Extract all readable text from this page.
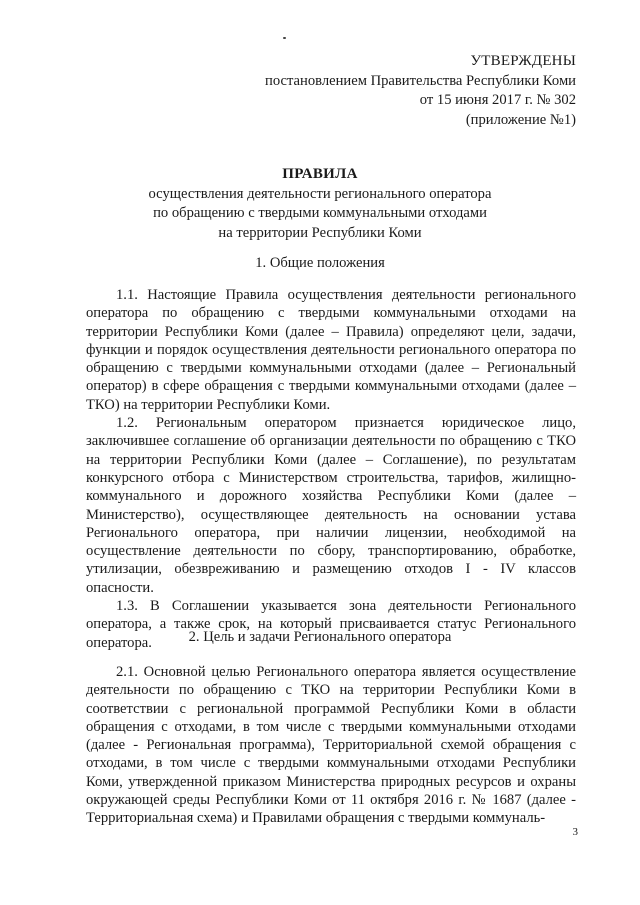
УТВЕРЖДЕНЫ
постановлением Правительства Республики Коми
от 15 июня 2017 г. № 302
(приложение №1)
ПРАВИЛА
осуществления деятельности регионального оператора
по обращению с твердыми коммунальными отходами
на территории Республики Коми
1. Общие положения

1.1. Настоящие Правила осуществления деятельности регионального оператора по обращению с твердыми коммунальными отходами на территории Республики Коми (далее – Правила) определяют цели, задачи, функции и порядок осуществления деятельности регионального оператора по обращению с твердыми коммунальными отходами (далее – Региональный оператор) в сфере обращения с твердыми коммунальными отходами (далее – ТКО) на территории Республики Коми.

1.2. Региональным оператором признается юридическое лицо, заключившее соглашение об организации деятельности по обращению с ТКО на территории Республики Коми (далее – Соглашение), по результатам конкурсного отбора с Министерством строительства, тарифов, жилищно-коммунального и дорожного хозяйства Республики Коми (далее – Министерство), осуществляющее деятельность на основании устава Регионального оператора, при наличии лицензии, необходимой на осуществление деятельности по сбору, транспортированию, обработке, утилизации, обезвреживанию и размещению отходов I - IV классов опасности.

1.3. В Соглашении указывается зона деятельности Регионального оператора, а также срок, на который присваивается статус Регионального оператора.	2. Цель и задачи Регионального оператора

2.1. Основной целью Регионального оператора является осуществление деятельности по обращению с ТКО на территории Республики Коми в соответствии с региональной программой Республики Коми в области обращения с отходами, в том числе с твердыми коммунальными отходами (далее - Региональная программа), Территориальной схемой обращения с отходами, в том числе с твердыми коммунальными отходами Республики Коми, утвержденной приказом Министерства природных ресурсов и охраны окружающей среды Республики Коми от 11 октября 2016 г. № 1687 (далее - Территориальная схема) и Правилами обращения с твердыми коммуналь-

3
